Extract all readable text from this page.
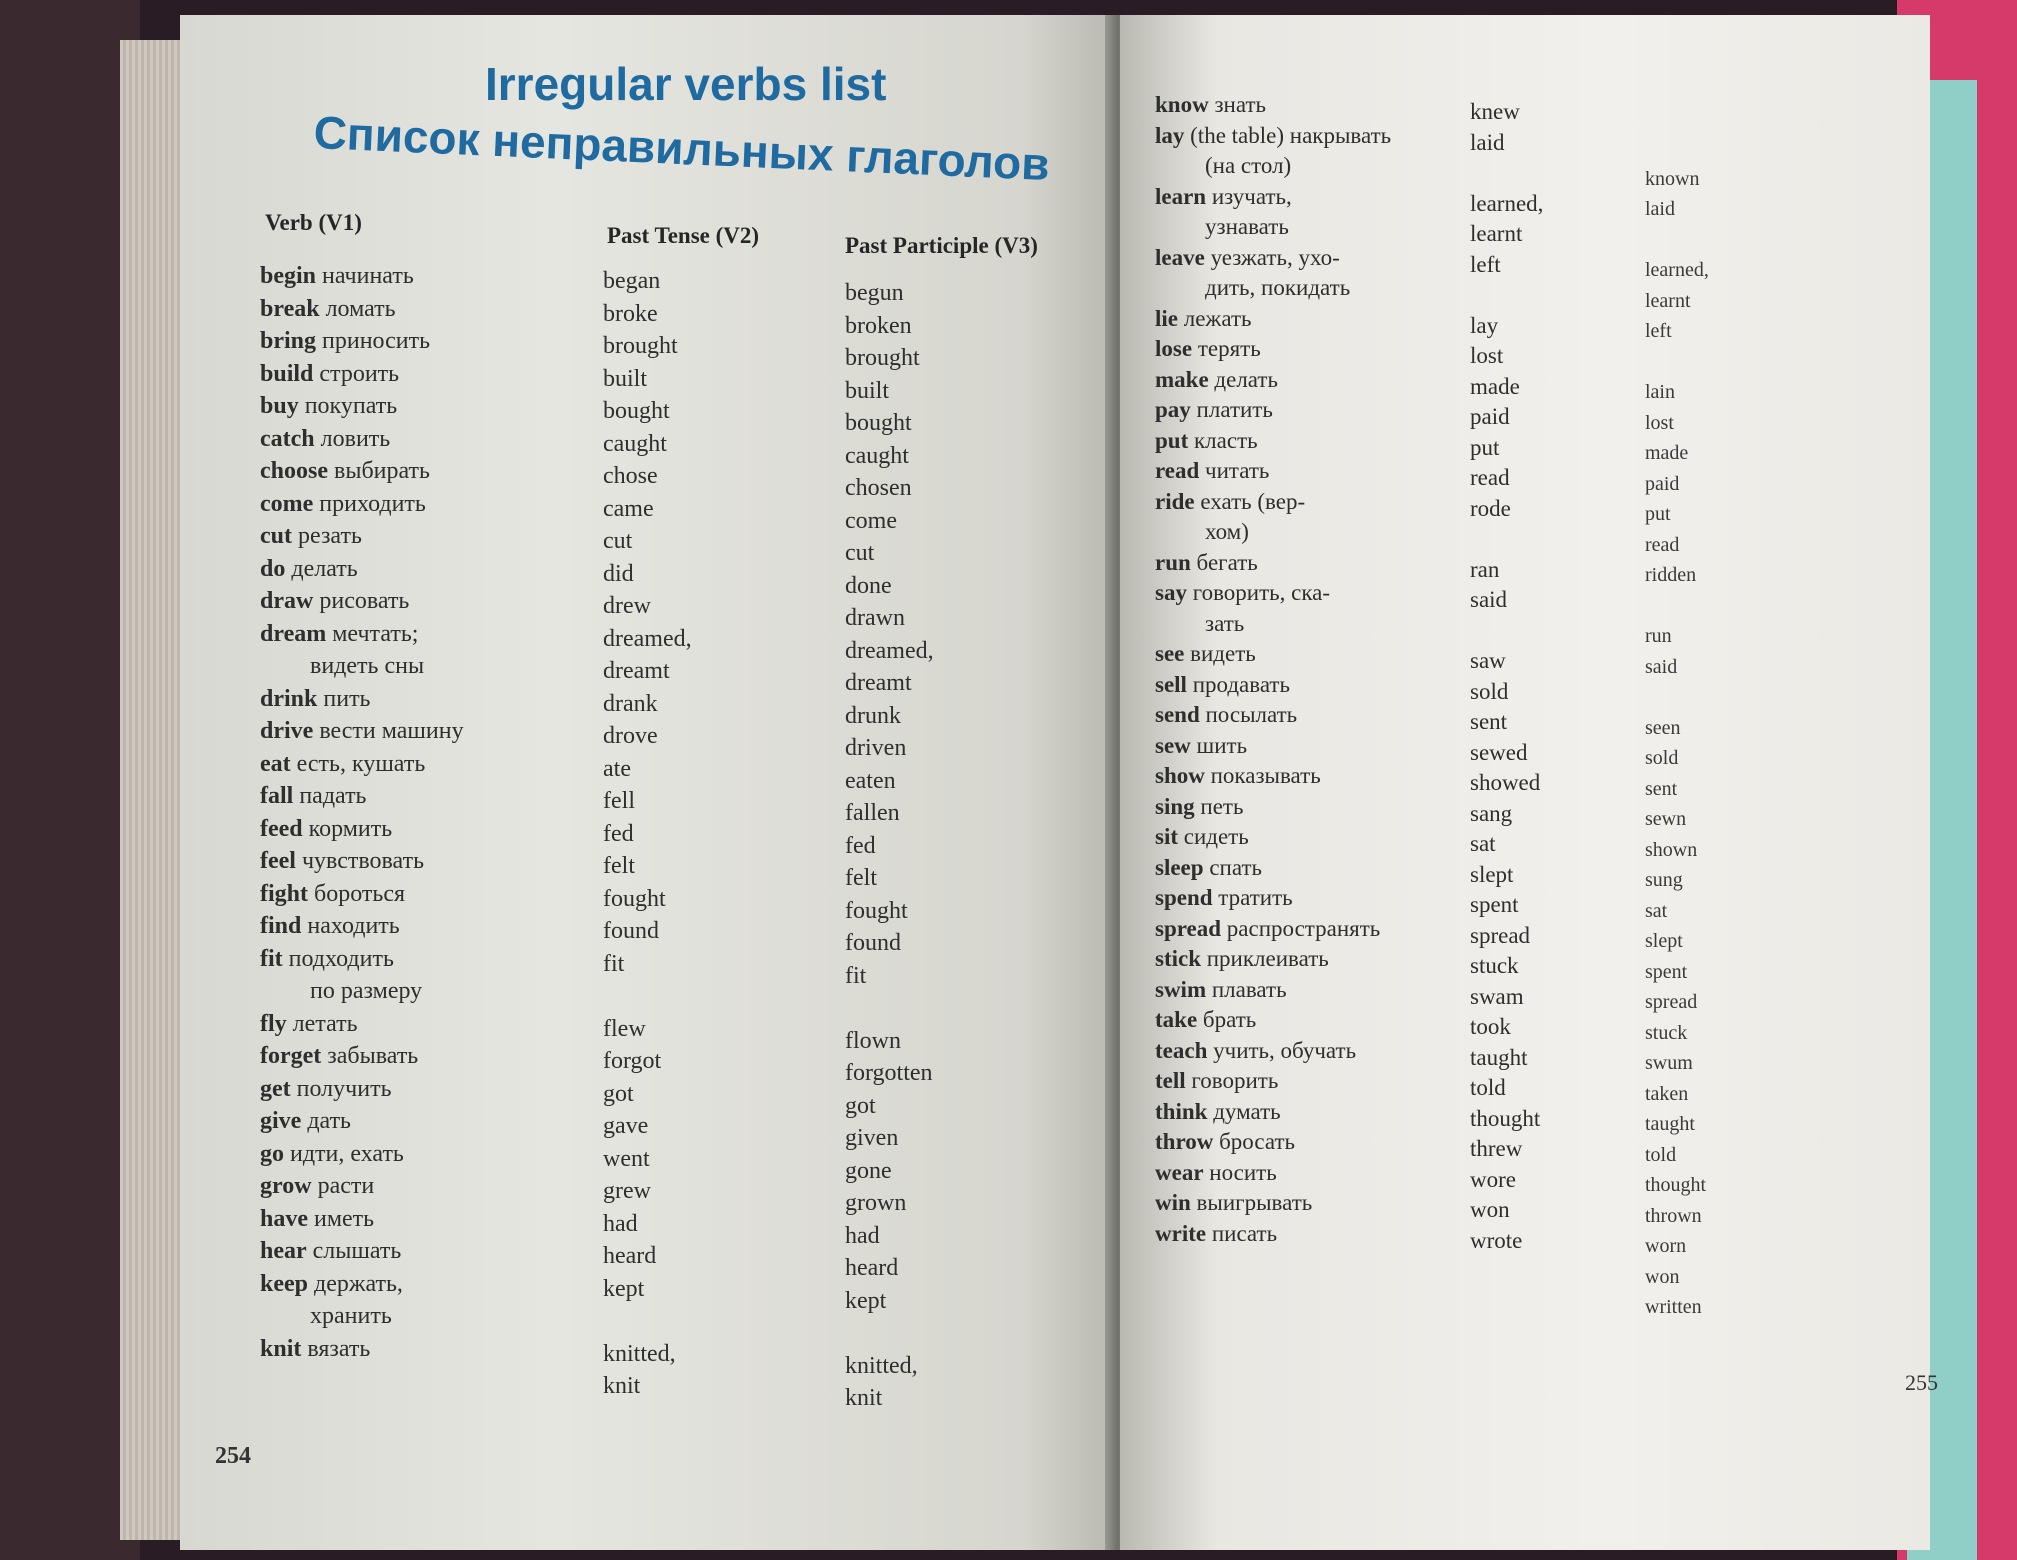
Irregular verbs list
Список неправильных глаголов
Verb (V1)
Past Tense (V2)	Past Participle (V3)
begin начинать
break ломать
bring приносить
build строить
buy покупать
catch ловить
choose выбирать
come приходить
cut резать
do делать
draw рисовать
dream мечтать;
видеть сны
drink пить
drive вести машину
eat есть, кушать
fall падать
feed кормить
feel чувствовать
fight бороться
find находить
fit подходить
по размеру
fly летать
forget забывать
get получить
give дать
go идти, ехать
grow расти
have иметь
hear слышать
keep держать,
хранить
knit вязать
began
broke
brought
built
bought
caught
chose
came
cut
did
drew
dreamed,
dreamt
drank
drove
ate
fell
fed
felt
fought
found
fit
flew
forgot
got
gave
went
grew
had
heard
kept
knitted,
knit
begun
broken
brought
built
bought
caught
chosen
come
cut
done
drawn
dreamed,
dreamt
drunk
driven
eaten
fallen
fed
felt
fought
found
fit
flown
forgotten
got
given
gone
grown
had
heard
kept
knitted,
knit
254
know знать
lay (the table) накрывать
(на стол)
learn изучать,
узнавать
leave уезжать, ухо-
дить, покидать
lie лежать
lose терять
make делать
pay платить
put класть
read читать
ride ехать (вер-
хом)
run бегать
say говорить, ска-
зать
see видеть
sell продавать
send посылать
sew шить
show показывать
sing петь
sit сидеть
sleep спать
spend тратить
spread распространять
stick приклеивать
swim плавать
take брать
teach учить, обучать
tell говорить
think думать
throw бросать
wear носить
win выигрывать
write писать
knew
laid
learned,
learnt
left
lay
lost
made
paid
put
read
rode
ran
said
saw
sold
sent
sewed
showed
sang
sat
slept
spent
spread
stuck
swam
took
taught
told
thought
threw
wore
won
wrote
known
laid
learned,
learnt
left
lain
lost
made
paid
put
read
ridden
run
said
seen
sold
sent
sewn
shown
sung
sat
slept
spent
spread
stuck
swum
taken
taught
told
thought
thrown
worn
won
written
255
